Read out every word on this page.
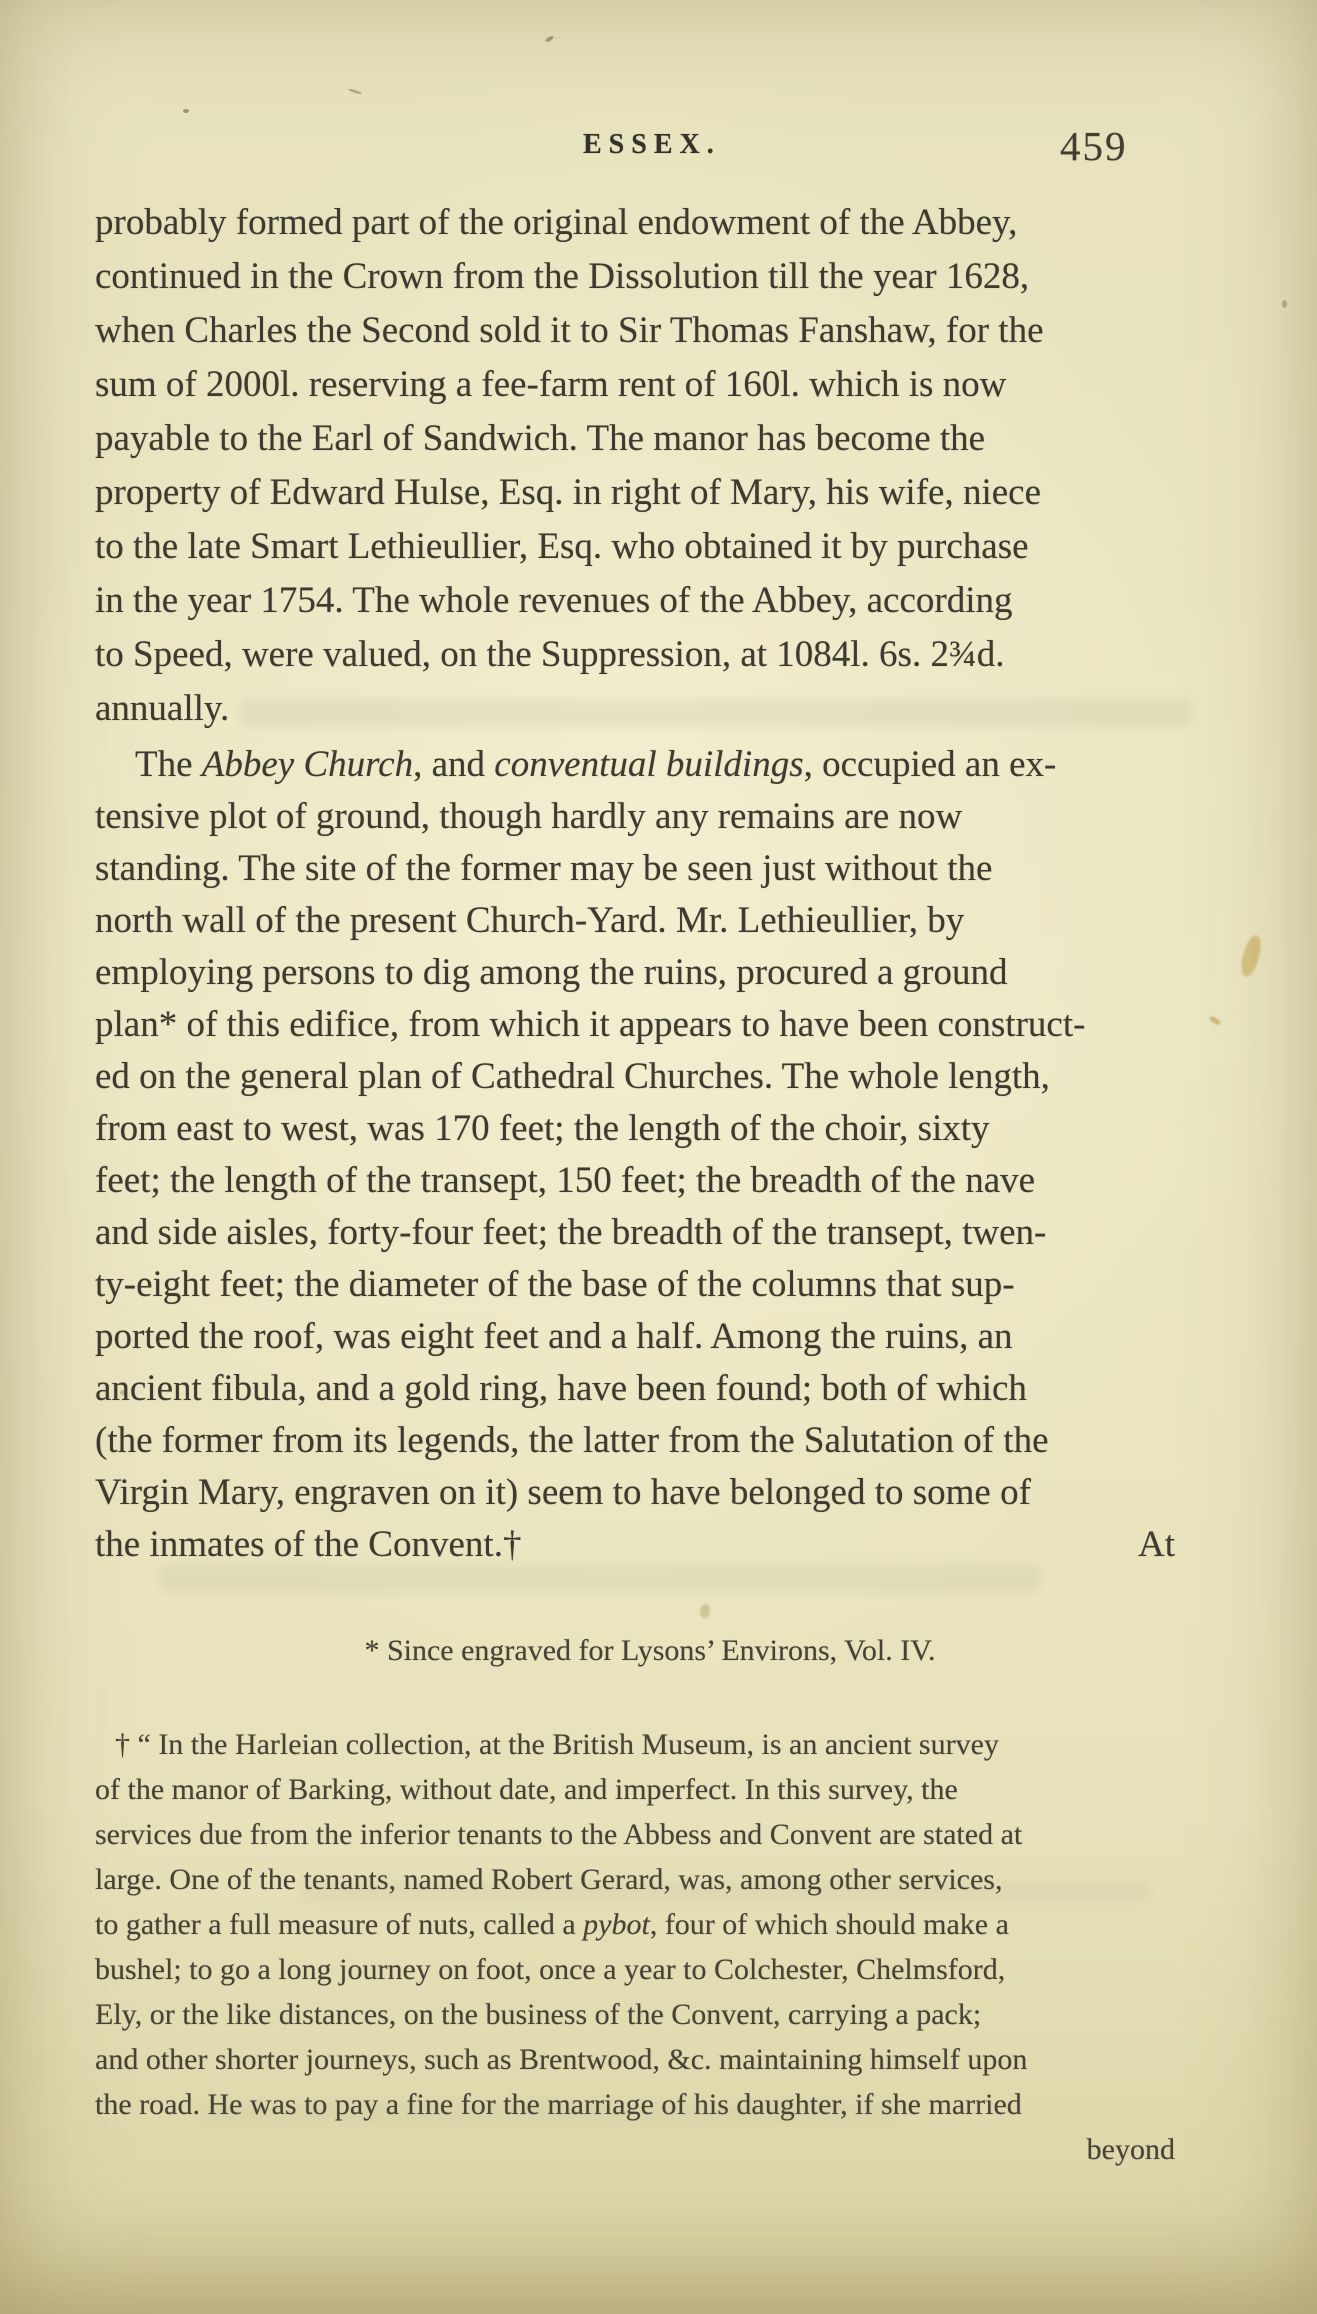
ESSEX.	459
probably formed part of the original endowment of the Abbey,
continued in the Crown from the Dissolution till the year 1628,
when Charles the Second sold it to Sir Thomas Fanshaw, for the
sum of 2000l. reserving a fee-farm rent of 160l. which is now
payable to the Earl of Sandwich. The manor has become the
property of Edward Hulse, Esq. in right of Mary, his wife, niece
to the late Smart Lethieullier, Esq. who obtained it by purchase
in the year 1754. The whole revenues of the Abbey, according
to Speed, were valued, on the Suppression, at 1084l. 6s. 2¾d.
annually.
The Abbey Church, and conventual buildings, occupied an ex-
tensive plot of ground, though hardly any remains are now
standing. The site of the former may be seen just without the
north wall of the present Church-Yard. Mr. Lethieullier, by
employing persons to dig among the ruins, procured a ground
plan* of this edifice, from which it appears to have been construct-
ed on the general plan of Cathedral Churches. The whole length,
from east to west, was 170 feet; the length of the choir, sixty
feet; the length of the transept, 150 feet; the breadth of the nave
and side aisles, forty-four feet; the breadth of the transept, twen-
ty-eight feet; the diameter of the base of the columns that sup-
ported the roof, was eight feet and a half. Among the ruins, an
ancient fibula, and a gold ring, have been found; both of which
(the former from its legends, the latter from the Salutation of the
Virgin Mary, engraven on it) seem to have belonged to some of
the inmates of the Convent.†	At
* Since engraved for Lysons’ Environs, Vol. IV.
† “ In the Harleian collection, at the British Museum, is an ancient survey
of the manor of Barking, without date, and imperfect. In this survey, the
services due from the inferior tenants to the Abbess and Convent are stated at
large. One of the tenants, named Robert Gerard, was, among other services,
to gather a full measure of nuts, called a pybot, four of which should make a
bushel; to go a long journey on foot, once a year to Colchester, Chelmsford,
Ely, or the like distances, on the business of the Convent, carrying a pack;
and other shorter journeys, such as Brentwood, &c. maintaining himself upon
the road. He was to pay a fine for the marriage of his daughter, if she married
beyond
